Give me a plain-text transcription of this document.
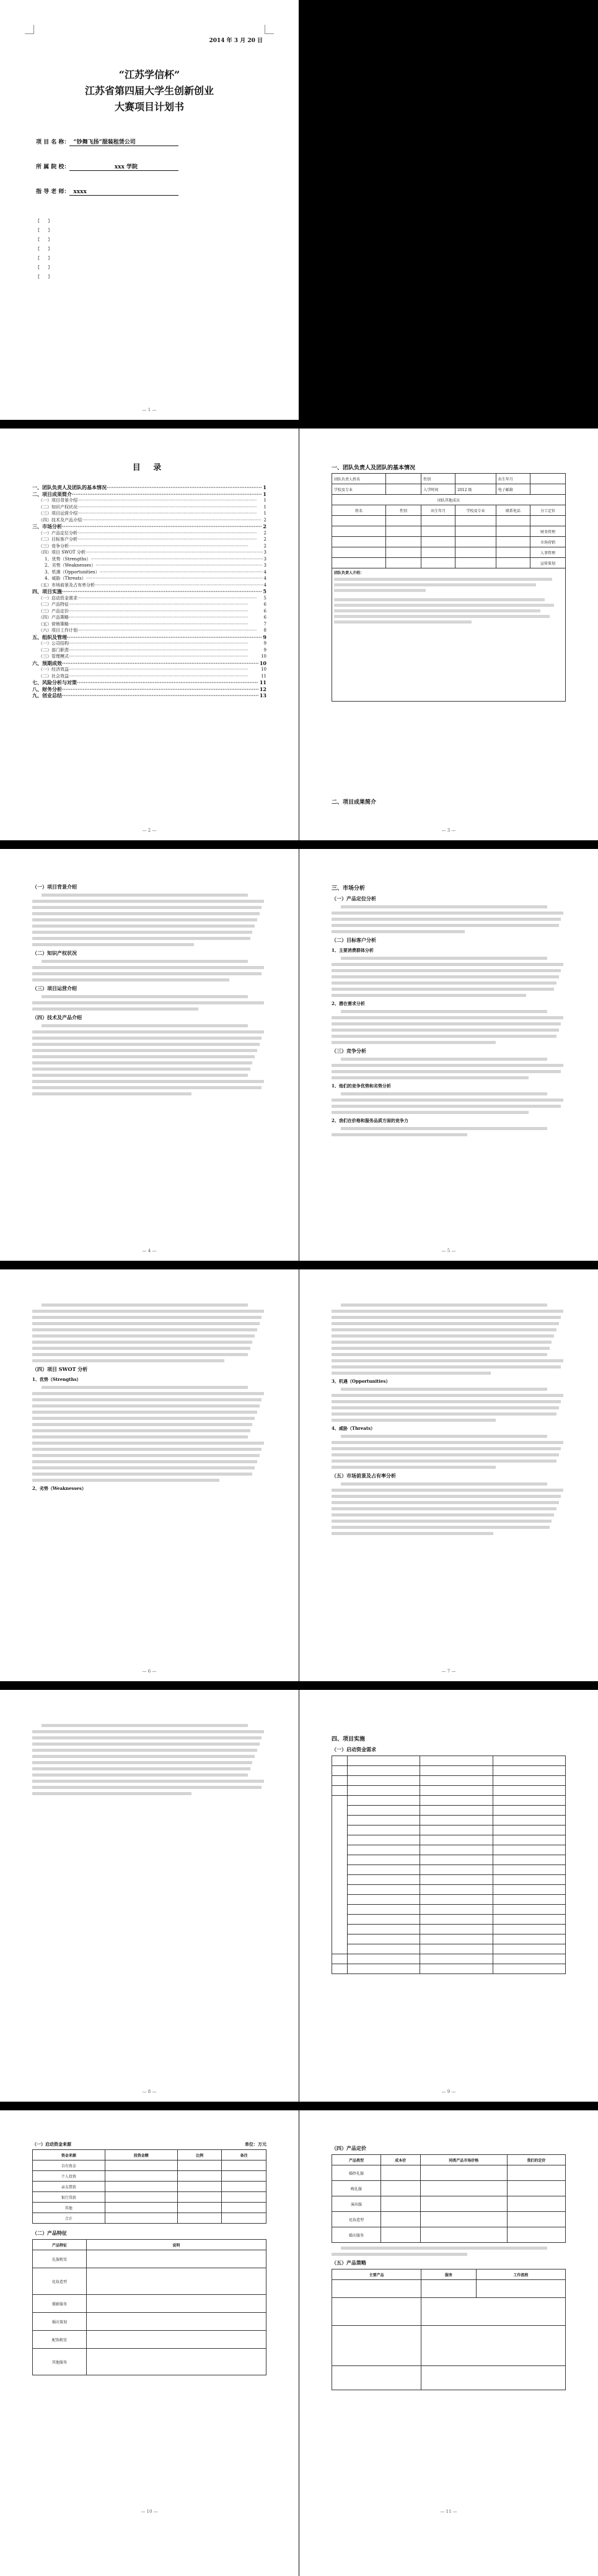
2014 年 3 月 20 日
“江苏学信杯”
江苏省第四届大学生创新创业
大赛项目计划书
项 目 名 称： “钞舞飞扬”服装租赁公司
所 属 院 校：	xxx 学院
指 导 老 师： xxxx
【       】
【       】
【       】
【       】
【       】
【       】
【       】
— 1 —
目 录
一、团队负责人及团队的基本情况 ·····	1
二、项目成果简介 ·····	1
（一）项目背景介绍 ·····	1
（二）知识产权状况 ·····	1
（三）项目运营介绍 ·····	1
（四）技术及产品介绍 ·····	2
三、市场分析 ·····	2
（一）产品定位分析 ·····	2
（二）目标客户分析 ·····	2
（三）竞争分析 ·····	2
（四）项目 SWOT 分析 ·····	3
1、优势（Strengths） ·····	3
2、劣势（Weaknesses） ·····	3
3、机遇（Opportunities） ·····	4
4、威胁（Threats） ·····	4
（五）市场前景及占有率分析 ·····	4
四、项目实施 ·····	5
（一）启动资金需求 ·····	5
（二）产品特征 ·····	6
（三）产品定价 ·····	6
（四）产品策略 ·····	6
（五）营销策略 ·····	7
（六）项目工作计划 ·····	8
五、组织及管理 ·····	9
（一）公司结构 ·····	9
（二）部门职责 ·····	9
（三）管理模式 ·····	10
六、预期成效 ·····	10
（一）经济效益 ·····	10
（二）社会效益 ·····	11
七、风险分析与对策 ·····	11
八、财务分析 ·····	12
九、创业总结 ·····	13
— 2 —
一、团队负责人及团队的基本情况
团队负责人姓名		性别		出生年月	
学校及专业		入学时间	2012 级	电子邮箱	
团队其他成员					
姓名	性别	出生年月	学校及专业	联系电话	分工定位

					财务管理
					市场营销
					人事管理
					宣传策划

团队负责人介绍：					
二、项目成果简介
— 3 —
（一）项目背景介绍
（二）知识产权状况
（三）项目运营介绍
（四）技术及产品介绍
— 4 —
三、市场分析
（一）产品定位分析
（二）目标客户分析
1、主要消费群体分析
2、潜在需求分析
（三）竞争分析
1、他们的竞争优势和劣势分析
2、我们在价格和服务品质方面的竞争力
— 5 —
（四）项目 SWOT 分析
1、优势（Strengths）
2、劣势（Weaknesses）
— 6 —
3、机遇（Opportunities）
4、威胁（Threats）
（五）市场前景及占有率分析
— 7 —
— 8 —
四、项目实施
（一）启动资金需求

— 9 —
（一）启动资金来源	单位：万元
资金来源	投资金额	比例	备注
自有资金			
个人投资			
亲友借款			
银行贷款			
其他			
合计			
（二）产品特征
产品特征	说明
礼服租赁	
化妆造型	
摄影服务	
婚庆策划	
配饰租赁	
其他服务	
— 10 —
（四）产品定价
产品类型	成本价	同类产品市场价格	我们的定价
婚纱礼服			
晚礼服			
演出服			
化妆造型			
婚庆服务			
（五）产品策略
主要产品	服务	工作流程

— 11 —
